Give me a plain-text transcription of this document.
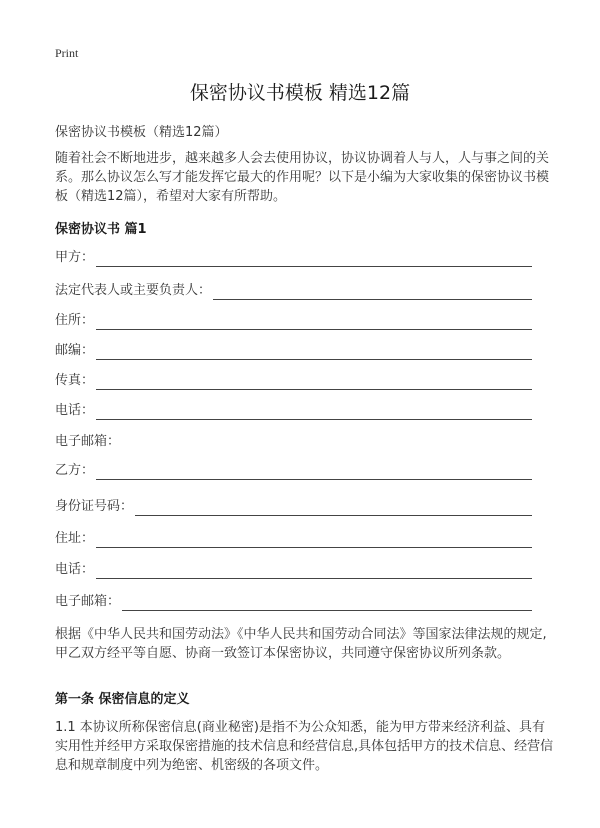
Print
保密协议书模板 精选12篇
保密协议书模板（精选12篇）

随着社会不断地进步，越来越多人会去使用协议，协议协调着人与人，人与事之间的关系。那么协议怎么写才能发挥它最大的作用呢？以下是小编为大家收集的保密协议书模板（精选12篇），希望对大家有所帮助。

保密协议书 篇1
甲方：
法定代表人或主要负责人：
住所：
邮编：
传真：
电话：
电子邮箱：
乙方：
身份证号码：
住址：
电话：
电子邮箱：

根据《中华人民共和国劳动法》《中华人民共和国劳动合同法》等国家法律法规的规定,甲乙双方经平等自愿、协商一致签订本保密协议，共同遵守保密协议所列条款。

第一条 保密信息的定义

1.1 本协议所称保密信息(商业秘密)是指不为公众知悉，能为甲方带来经济利益、具有实用性并经甲方采取保密措施的技术信息和经营信息,具体包括甲方的技术信息、经营信息和规章制度中列为绝密、机密级的各项文件。
